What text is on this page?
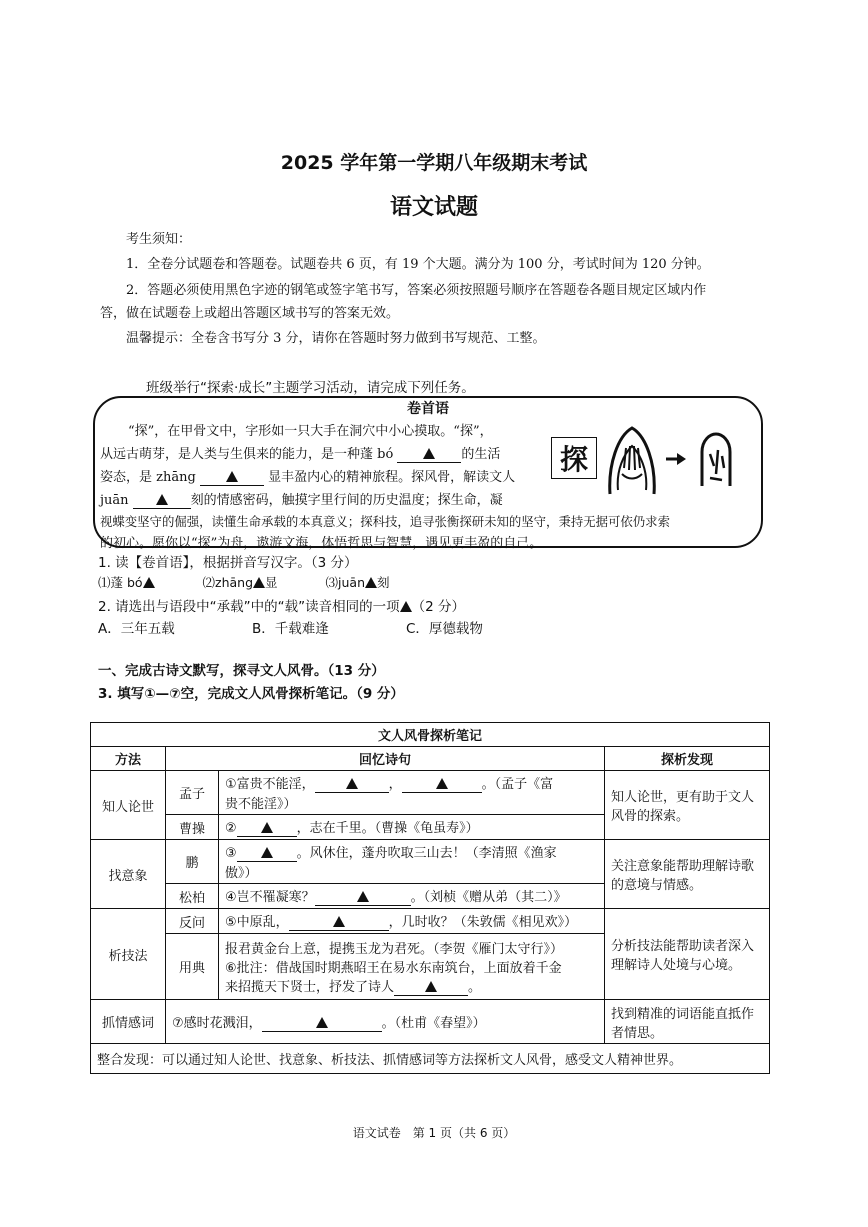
2025 学年第一学期八年级期末考试
语文试题
考生须知：
1．全卷分试题卷和答题卷。试题卷共 6 页，有 19 个大题。满分为 100 分，考试时间为 120 分钟。
2．答题必须使用黑色字迹的钢笔或签字笔书写，答案必须按照题号顺序在答题卷各题目规定区域内作
答，做在试题卷上或超出答题区域书写的答案无效。
温馨提示：全卷含书写分 3 分，请你在答题时努力做到书写规范、工整。
班级举行“探索·成长”主题学习活动，请完成下列任务。
卷首语
“探”，在甲骨文中，字形如一只大手在洞穴中小心摸取。“探”，
从远古萌芽，是人类与生俱来的能力，是一种蓬 bó	的生活
姿态，是 zhāng	显丰盈内心的精神旅程。探风骨，解读文人
juān	刻的情感密码，触摸字里行间的历史温度；探生命，凝
视蝶变坚守的倔强，读懂生命承载的本真意义；探科技，追寻张衡探研未知的坚守，秉持无据可依仍求索
的初心。愿你以“探”为舟，遨游文海，体悟哲思与智慧，遇见更丰盈的自己。
探
1. 读【卷首语】，根据拼音写汉字。（3 分）
⑴蓬 bó	⑵zhāng 显	⑶juān 刻
2. 请选出与语段中“承载”中的“载”读音相同的一项 （2 分）
A．三年五载	B．千载难逢	C．厚德载物
一、完成古诗文默写，探寻文人风骨。（13 分）
3. 填写①—⑦空，完成文人风骨探析笔记。（9 分）
文人风骨探析笔记			
方法	回忆诗句		探析发现
知人论世	孟子	①富贵不能淫， ， 。（孟子《富
贵不能淫》）	知人论世，更有助于文人风骨的探索。
	曹操	② ，志在千里。（曹操《龟虽寿》）	
找意象	鹏	③ 。风休住，蓬舟吹取三山去！（李清照《渔家
傲》）	关注意象能帮助理解诗歌的意境与情感。
	松柏	④岂不罹凝寒？ 。（刘桢《赠从弟（其二）》	
析技法	反问	⑤中原乱， ，几时收？（朱敦儒《相见欢》）	分析技法能帮助读者深入理解诗人处境与心境。
	用典	报君黄金台上意，提携玉龙为君死。（李贺《雁门太守行》）
⑥批注：借战国时期燕昭王在易水东南筑台，上面放着千金
来招揽天下贤士，抒发了诗人 。	
抓情感词	⑦感时花溅泪， 。（杜甫《春望》）		找到精准的词语能直抵作者情思。
整合发现：可以通过知人论世、找意象、析技法、抓情感词等方法探析文人风骨，感受文人精神世界。			
语文试卷　第 1 页（共 6 页）
